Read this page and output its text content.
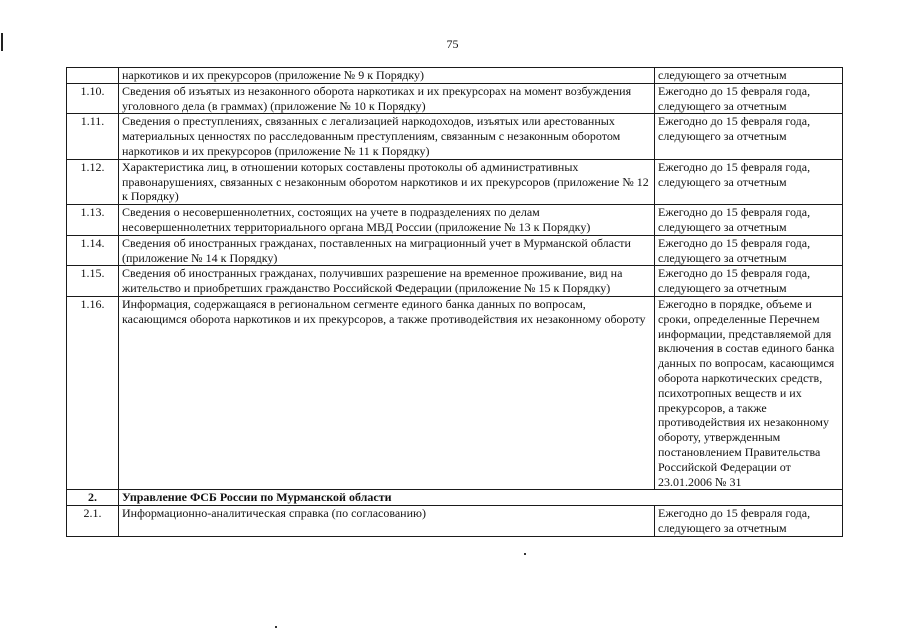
75
	наркотиков и их прекурсоров (приложение № 9 к Порядку)	следующего за отчетным
1.10.	Сведения об изъятых из незаконного оборота наркотиках и их прекурсорах на момент возбуждения уголовного дела (в граммах) (приложение № 10 к Порядку)	Ежегодно до 15 февраля года, следующего за отчетным
1.11.	Сведения о преступлениях, связанных с легализацией наркодоходов, изъятых или арестованных материальных ценностях по расследованным преступлениям, связанным с незаконным оборотом наркотиков и их прекурсоров (приложение № 11 к Порядку)	Ежегодно до 15 февраля года, следующего за отчетным
1.12.	Характеристика лиц, в отношении которых составлены протоколы об административных правонарушениях, связанных с незаконным оборотом наркотиков и их прекурсоров (приложение № 12 к Порядку)	Ежегодно до 15 февраля года, следующего за отчетным
1.13.	Сведения о несовершеннолетних, состоящих на учете в подразделениях по делам несовершеннолетних территориального органа МВД России (приложение № 13 к Порядку)	Ежегодно до 15 февраля года, следующего за отчетным
1.14.	Сведения об иностранных гражданах, поставленных на миграционный учет в Мурманской области (приложение № 14 к Порядку)	Ежегодно до 15 февраля года, следующего за отчетным
1.15.	Сведения об иностранных гражданах, получивших разрешение на временное проживание, вид на жительство и приобретших гражданство Российской Федерации (приложение № 15 к Порядку)	Ежегодно до 15 февраля года, следующего за отчетным
1.16.	Информация, содержащаяся в региональном сегменте единого банка данных по вопросам, касающимся оборота наркотиков и их прекурсоров, а также противодействия их незаконному обороту	Ежегодно в порядке, объеме и сроки, определенные Перечнем информации, представляемой для включения в состав единого банка данных по вопросам, касающимся оборота наркотических средств, психотропных веществ и их прекурсоров, а также противодействия их незаконному обороту, утвержденным постановлением Правительства Российской Федерации от 23.01.2006 № 31
2.	Управление ФСБ России по Мурманской области	
2.1.	Информационно-аналитическая справка (по согласованию)	Ежегодно до 15 февраля года, следующего за отчетным
